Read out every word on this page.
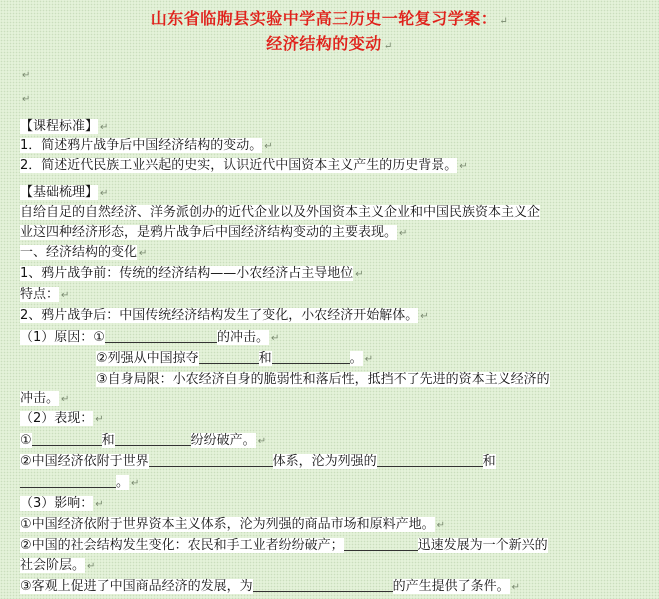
山东省临朐县实验中学高三历史一轮复习学案： ↵
经济结构的变动 ↵
↵
↵
【课程标准】 ↵
1．简述鸦片战争后中国经济结构的变动。 ↵
2．简述近代民族工业兴起的史实，认识近代中国资本主义产生的历史背景。 ↵
【基础梳理】 ↵
自给自足的自然经济、洋务派创办的近代企业以及外国资本主义企业和中国民族资本主义企
业这四种经济形态，是鸦片战争后中国经济结构变动的主要表现。 ↵
一、经济结构的变化 ↵
1、鸦片战争前：传统的经济结构——小农经济占主导地位 ↵
特点： ↵
2、鸦片战争后：中国传统经济结构发生了变化，小农经济开始解体。 ↵
（1）原因：①	的冲击。 ↵
②列强从中国掠夺	和	。 ↵
③自身局限：小农经济自身的脆弱性和落后性，抵挡不了先进的资本主义经济的
冲击。 ↵
（2）表现： ↵
①	和	纷纷破产。 ↵
②中国经济依附于世界	体系，沦为列强的	和
。 ↵
（3）影响： ↵
①中国经济依附于世界资本主义体系，沦为列强的商品市场和原料产地。 ↵
②中国的社会结构发生变化：农民和手工业者纷纷破产；	迅速发展为一个新兴的
社会阶层。 ↵
③客观上促进了中国商品经济的发展，为	的产生提供了条件。 ↵
